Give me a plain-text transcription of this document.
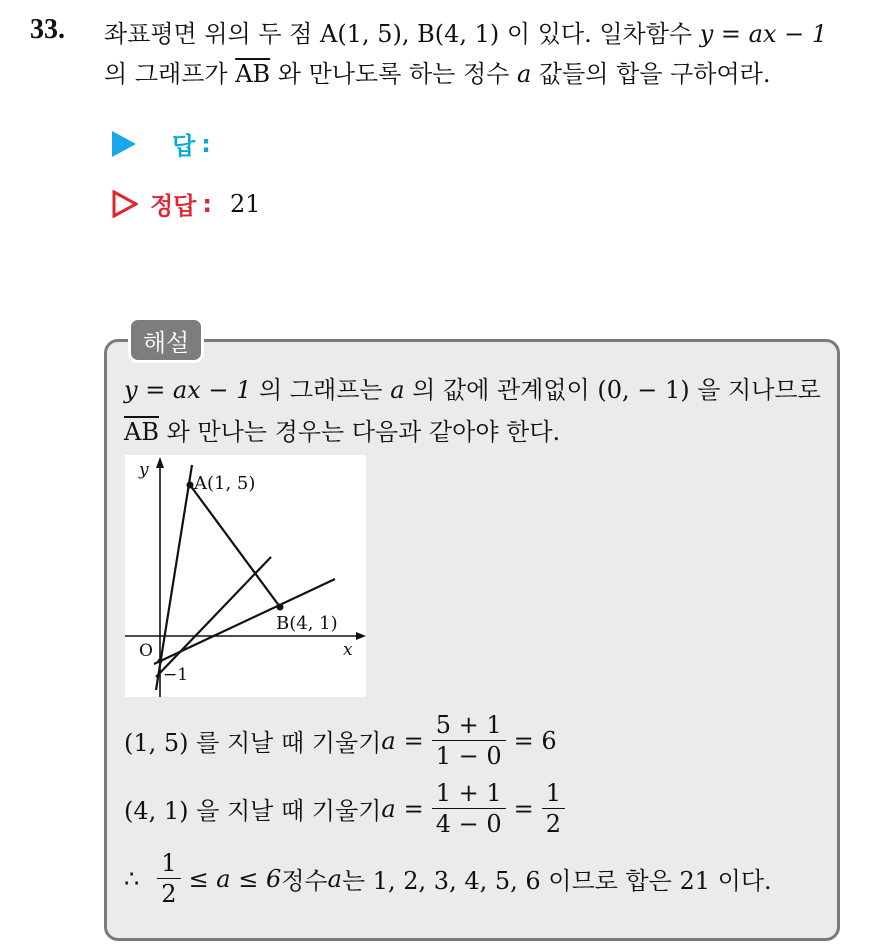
33. 좌표평면 위의 두 점 A(1, 5), B(4, 1) 이 있다. 일차함수 y = ax − 1
의 그래프가 $\overline{AB}$ 와 만나도록 하는 정수 a 값들의 합을 구하여라.
답 :
정답 : 21
해설
y = ax − 1 의 그래프는 a 의 값에 관계없이 (0, − 1) 을 지나므로
$\overline{AB}$ 와 만나는 경우는 다음과 같아야 한다.
y
x
O
−1
A(1, 5)
B(4, 1)
(1, 5) 를 지날 때 기울기 $a = \frac{5 + 1}{1 - 0} = 6$
(4, 1) 을 지날 때 기울기 $a = \frac{1 + 1}{4 - 0} = \frac{1}{2}$
∴ $\frac{1}{2} \le a \le 6$ 정수 a 는 1, 2, 3, 4, 5, 6 이므로 합은 21 이다.
